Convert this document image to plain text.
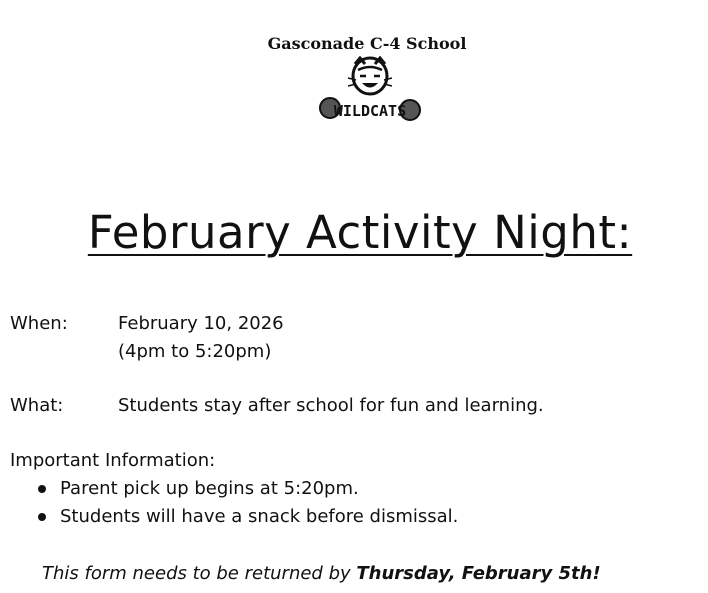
Gasconade C-4 School
WILDCATS
February Activity Night:
When:	February 10, 2026
(4pm to 5:20pm)
What:	Students stay after school for fun and learning.
Important Information:
Parent pick up begins at 5:20pm.
Students will have a snack before dismissal.
This form needs to be returned by Thursday, February 5th!
